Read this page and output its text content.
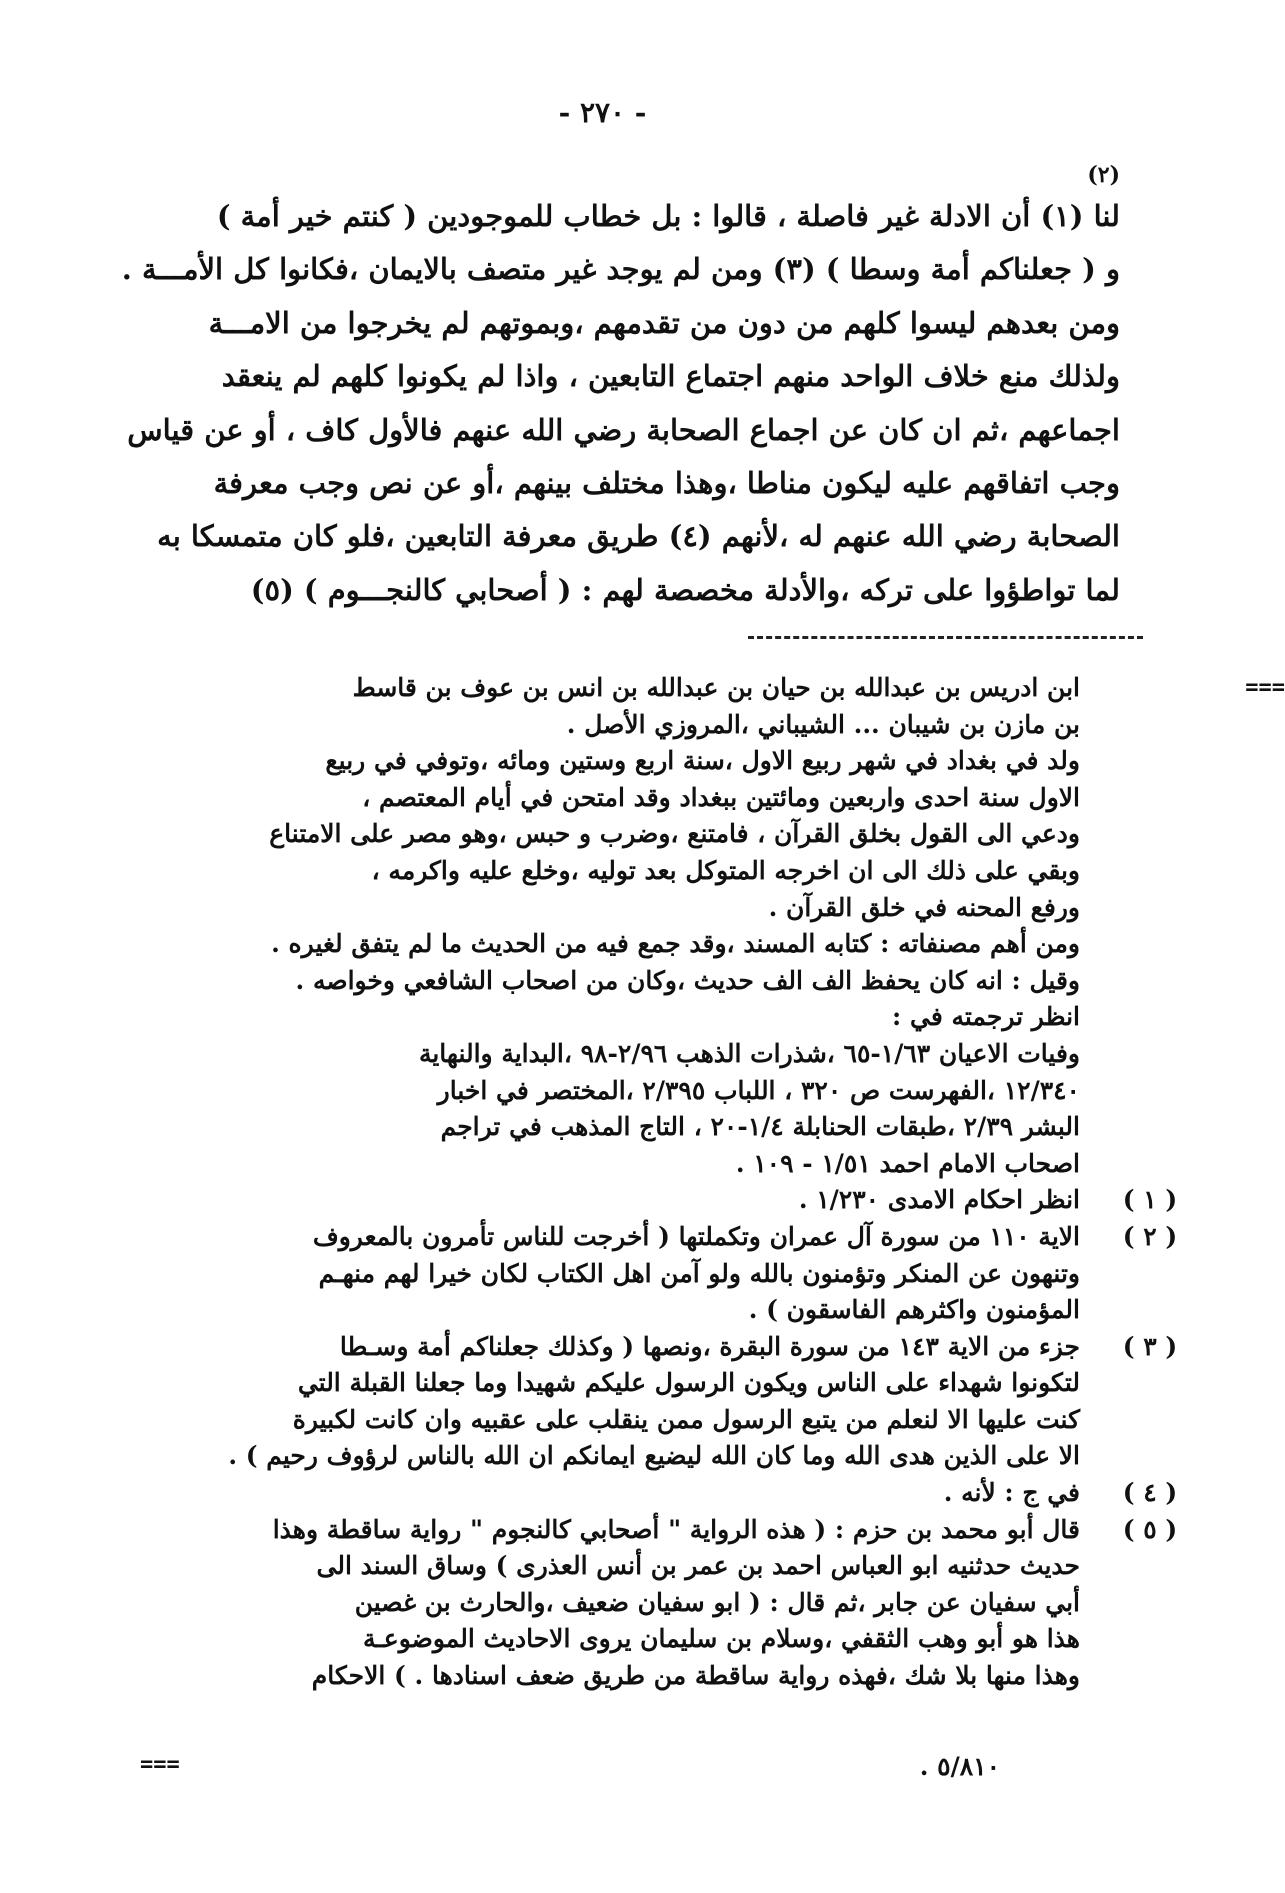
- ٢٧٠ -
(٢)
لنا (١) أن الادلة غير فاصلة ، قالوا : بل خطاب للموجودين ( كنتم خير أمة )
و ( جعلناكم أمة وسطا ) (٣) ومن لم يوجد غير متصف بالايمان ،فكانوا كل الأمـــة .
ومن بعدهم ليسوا كلهم من دون من تقدمهم ،وبموتهم لم يخرجوا من الامـــة
ولذلك منع خلاف الواحد منهم اجتماع التابعين ، واذا لم يكونوا كلهم لم ينعقد
اجماعهم ،ثم ان كان عن اجماع الصحابة رضي الله عنهم فالأول كاف ، أو عن قياس
وجب اتفاقهم عليه ليكون مناطا ،وهذا مختلف بينهم ،أو عن نص وجب معرفة
الصحابة رضي الله عنهم له ،لأنهم (٤) طريق معرفة التابعين ،فلو كان متمسكا به
لما تواطؤوا على تركه ،والأدلة مخصصة لهم : ( أصحابي كالنجـــوم ) (٥)
===
ابن ادريس بن عبدالله بن حيان بن عبدالله بن انس بن عوف بن قاسط
بن مازن بن شيبان ... الشيباني ،المروزي الأصل .
ولد في بغداد في شهر ربيع الاول ،سنة اربع وستين ومائه ،وتوفي في ربيع
الاول سنة احدى واربعين ومائتين ببغداد وقد امتحن في أيام المعتصم ،
ودعي الى القول بخلق القرآن ، فامتنع ،وضرب و حبس ،وهو مصر على الامتناع
وبقي على ذلك الى ان اخرجه المتوكل بعد توليه ،وخلع عليه واكرمه ،
ورفع المحنه في خلق القرآن .
ومن أهم مصنفاته : كتابه المسند ،وقد جمع فيه من الحديث ما لم يتفق لغيره .
وقيل : انه كان يحفظ الف الف حديث ،وكان من اصحاب الشافعي وخواصه .
انظر ترجمته في :
وفيات الاعيان ١/٦٣-٦٥ ،شذرات الذهب ٢/٩٦-٩٨ ،البداية والنهاية
١٢/٣٤٠ ،الفهرست ص ٣٢٠ ، اللباب ٢/٣٩٥ ،المختصر في اخبار
البشر ٢/٣٩ ،طبقات الحنابلة ١/٤-٢٠ ، التاج المذهب في تراجم
اصحاب الامام احمد ١/٥١ - ١٠٩ .
( ١ )
انظر احكام الامدى ١/٢٣٠ .
( ٢ )
الاية ١١٠ من سورة آل عمران وتكملتها ( أخرجت للناس تأمرون بالمعروف
وتنهون عن المنكر وتؤمنون بالله ولو آمن اهل الكتاب لكان خيرا لهم منهـم
المؤمنون واكثرهم الفاسقون ) .
( ٣ )
جزء من الاية ١٤٣ من سورة البقرة ،ونصها ( وكذلك جعلناكم أمة وسـطا
لتكونوا شهداء على الناس ويكون الرسول عليكم شهيدا وما جعلنا القبلة التي
كنت عليها الا لنعلم من يتبع الرسول ممن ينقلب على عقبيه وان كانت لكبيرة
الا على الذين هدى الله وما كان الله ليضيع ايمانكم ان الله بالناس لرؤوف رحيم ) .
( ٤ )
في ج : لأنه .
( ٥ )
قال أبو محمد بن حزم : ( هذه الرواية " أصحابي كالنجوم " رواية ساقطة وهذا
حديث حدثنيه ابو العباس احمد بن عمر بن أنس العذرى ) وساق السند الى
أبي سفيان عن جابر ،ثم قال : ( ابو سفيان ضعيف ،والحارث بن غصين
هذا هو أبو وهب الثقفي ،وسلام بن سليمان يروى الاحاديث الموضوعـة
وهذا منها بلا شك ،فهذه رواية ساقطة من طريق ضعف اسنادها . ) الاحكام
===	٥/٨١٠ .
